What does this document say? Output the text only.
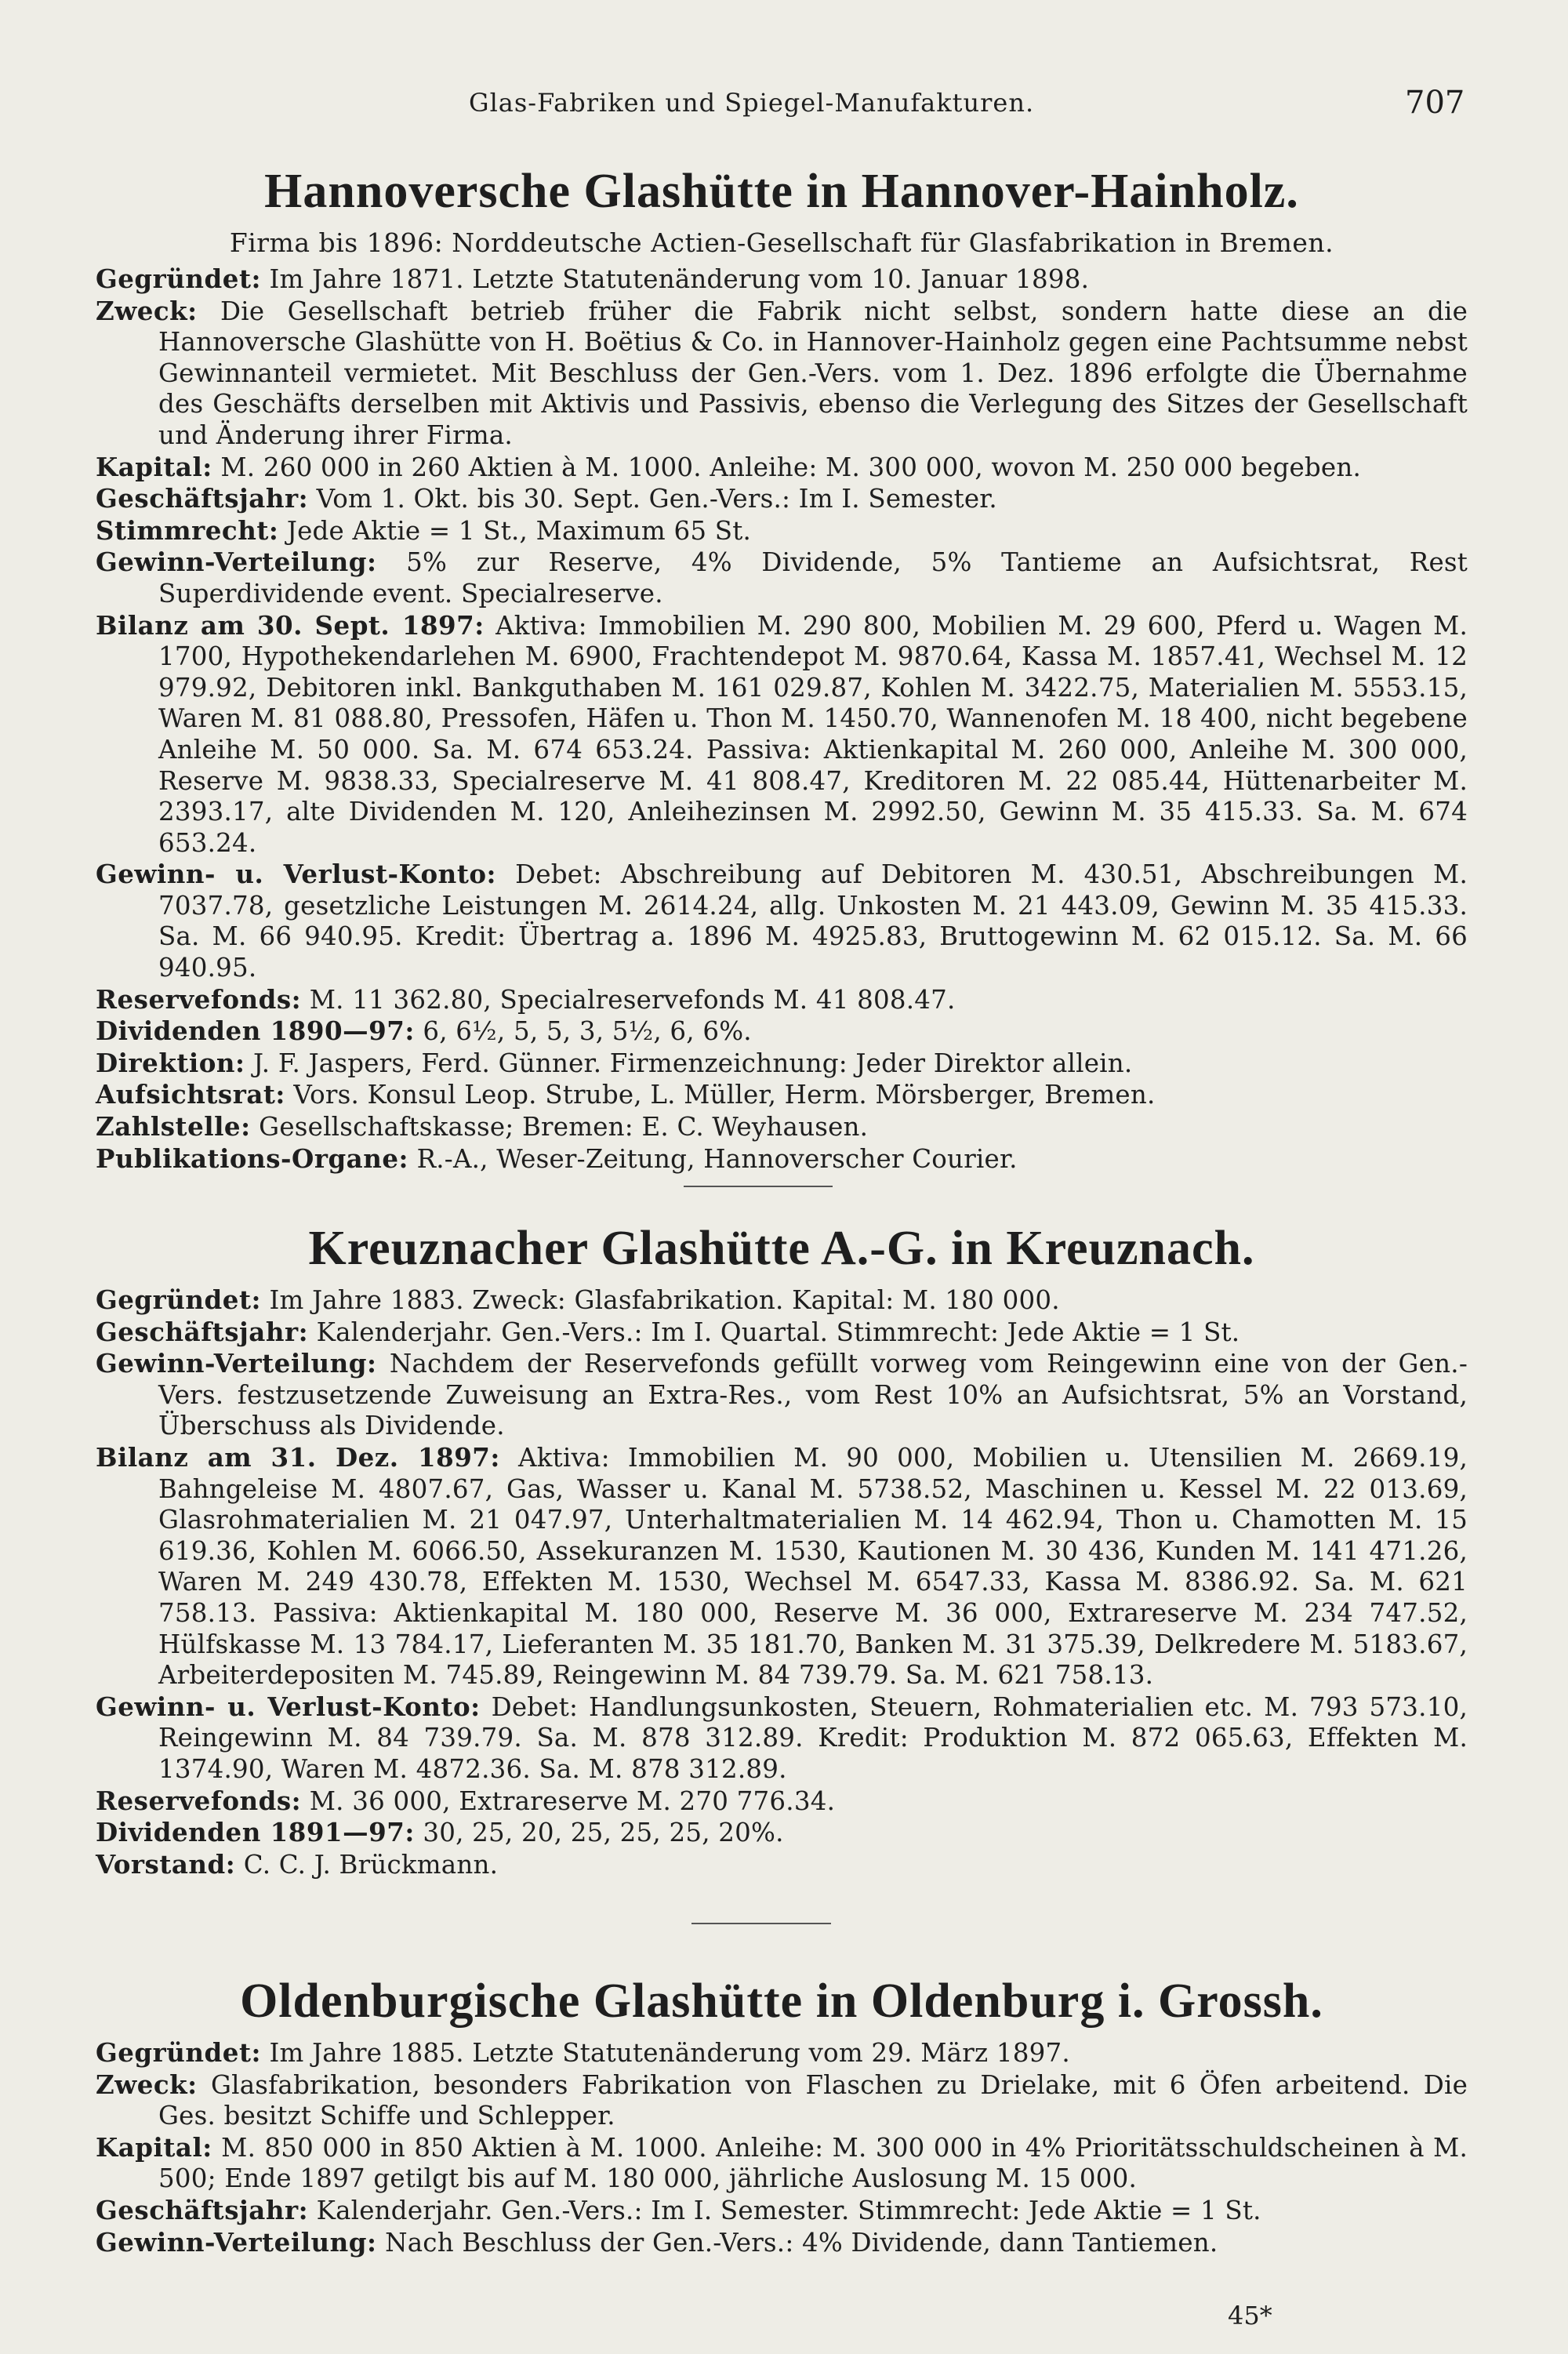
Glas-Fabriken und Spiegel-Manufakturen.	707
Hannoversche Glashütte in Hannover-Hainholz.

Firma bis 1896: Norddeutsche Actien-Gesellschaft für Glasfabrikation in Bremen.

Gegründet: Im Jahre 1871. Letzte Statutenänderung vom 10. Januar 1898.

Zweck: Die Gesellschaft betrieb früher die Fabrik nicht selbst, sondern hatte diese an die Hannoversche Glashütte von H. Boëtius & Co. in Hannover-Hainholz gegen eine Pachtsumme nebst Gewinnanteil vermietet. Mit Beschluss der Gen.-Vers. vom 1. Dez. 1896 erfolgte die Übernahme des Geschäfts derselben mit Aktivis und Passivis, ebenso die Verlegung des Sitzes der Gesellschaft und Änderung ihrer Firma.

Kapital: M. 260 000 in 260 Aktien à M. 1000. Anleihe: M. 300 000, wovon M. 250 000 begeben.

Geschäftsjahr: Vom 1. Okt. bis 30. Sept. Gen.-Vers.: Im I. Semester.

Stimmrecht: Jede Aktie = 1 St., Maximum 65 St.

Gewinn-Verteilung: 5% zur Reserve, 4% Dividende, 5% Tantieme an Aufsichtsrat, Rest Superdividende event. Specialreserve.

Bilanz am 30. Sept. 1897: Aktiva: Immobilien M. 290 800, Mobilien M. 29 600, Pferd u. Wagen M. 1700, Hypothekendarlehen M. 6900, Frachtendepot M. 9870.64, Kassa M. 1857.41, Wechsel M. 12 979.92, Debitoren inkl. Bankguthaben M. 161 029.87, Kohlen M. 3422.75, Materialien M. 5553.15, Waren M. 81 088.80, Pressofen, Häfen u. Thon M. 1450.70, Wannenofen M. 18 400, nicht begebene Anleihe M. 50 000. Sa. M. 674 653.24. Passiva: Aktienkapital M. 260 000, Anleihe M. 300 000, Reserve M. 9838.33, Specialreserve M. 41 808.47, Kreditoren M. 22 085.44, Hüttenarbeiter M. 2393.17, alte Dividenden M. 120, Anleihezinsen M. 2992.50, Gewinn M. 35 415.33. Sa. M. 674 653.24.

Gewinn- u. Verlust-Konto: Debet: Abschreibung auf Debitoren M. 430.51, Abschreibungen M. 7037.78, gesetzliche Leistungen M. 2614.24, allg. Unkosten M. 21 443.09, Gewinn M. 35 415.33. Sa. M. 66 940.95. Kredit: Übertrag a. 1896 M. 4925.83, Bruttogewinn M. 62 015.12. Sa. M. 66 940.95.

Reservefonds: M. 11 362.80, Specialreservefonds M. 41 808.47.

Dividenden 1890—97: 6, 6½, 5, 5, 3, 5½, 6, 6%.

Direktion: J. F. Jaspers, Ferd. Günner. Firmenzeichnung: Jeder Direktor allein.

Aufsichtsrat: Vors. Konsul Leop. Strube, L. Müller, Herm. Mörsberger, Bremen.

Zahlstelle: Gesellschaftskasse; Bremen: E. C. Weyhausen.

Publikations-Organe: R.-A., Weser-Zeitung, Hannoverscher Courier.

Kreuznacher Glashütte A.-G. in Kreuznach.

Gegründet: Im Jahre 1883. Zweck: Glasfabrikation. Kapital: M. 180 000.

Geschäftsjahr: Kalenderjahr. Gen.-Vers.: Im I. Quartal. Stimmrecht: Jede Aktie = 1 St.

Gewinn-Verteilung: Nachdem der Reservefonds gefüllt vorweg vom Reingewinn eine von der Gen.-Vers. festzusetzende Zuweisung an Extra-Res., vom Rest 10% an Aufsichtsrat, 5% an Vorstand, Überschuss als Dividende.

Bilanz am 31. Dez. 1897: Aktiva: Immobilien M. 90 000, Mobilien u. Utensilien M. 2669.19, Bahngeleise M. 4807.67, Gas, Wasser u. Kanal M. 5738.52, Maschinen u. Kessel M. 22 013.69, Glasrohmaterialien M. 21 047.97, Unterhaltmaterialien M. 14 462.94, Thon u. Chamotten M. 15 619.36, Kohlen M. 6066.50, Assekuranzen M. 1530, Kautionen M. 30 436, Kunden M. 141 471.26, Waren M. 249 430.78, Effekten M. 1530, Wechsel M. 6547.33, Kassa M. 8386.92. Sa. M. 621 758.13. Passiva: Aktienkapital M. 180 000, Reserve M. 36 000, Extrareserve M. 234 747.52, Hülfskasse M. 13 784.17, Lieferanten M. 35 181.70, Banken M. 31 375.39, Delkredere M. 5183.67, Arbeiterdepositen M. 745.89, Reingewinn M. 84 739.79. Sa. M. 621 758.13.

Gewinn- u. Verlust-Konto: Debet: Handlungsunkosten, Steuern, Rohmaterialien etc. M. 793 573.10, Reingewinn M. 84 739.79. Sa. M. 878 312.89. Kredit: Produktion M. 872 065.63, Effekten M. 1374.90, Waren M. 4872.36. Sa. M. 878 312.89.

Reservefonds: M. 36 000, Extrareserve M. 270 776.34.

Dividenden 1891—97: 30, 25, 20, 25, 25, 25, 20%.

Vorstand: C. C. J. Brückmann.

Oldenburgische Glashütte in Oldenburg i. Grossh.

Gegründet: Im Jahre 1885. Letzte Statutenänderung vom 29. März 1897.

Zweck: Glasfabrikation, besonders Fabrikation von Flaschen zu Drielake, mit 6 Öfen arbeitend. Die Ges. besitzt Schiffe und Schlepper.

Kapital: M. 850 000 in 850 Aktien à M. 1000. Anleihe: M. 300 000 in 4% Prioritätsschuldscheinen à M. 500; Ende 1897 getilgt bis auf M. 180 000, jährliche Auslosung M. 15 000.

Geschäftsjahr: Kalenderjahr. Gen.-Vers.: Im I. Semester. Stimmrecht: Jede Aktie = 1 St.

Gewinn-Verteilung: Nach Beschluss der Gen.-Vers.: 4% Dividende, dann Tantiemen.

45*
